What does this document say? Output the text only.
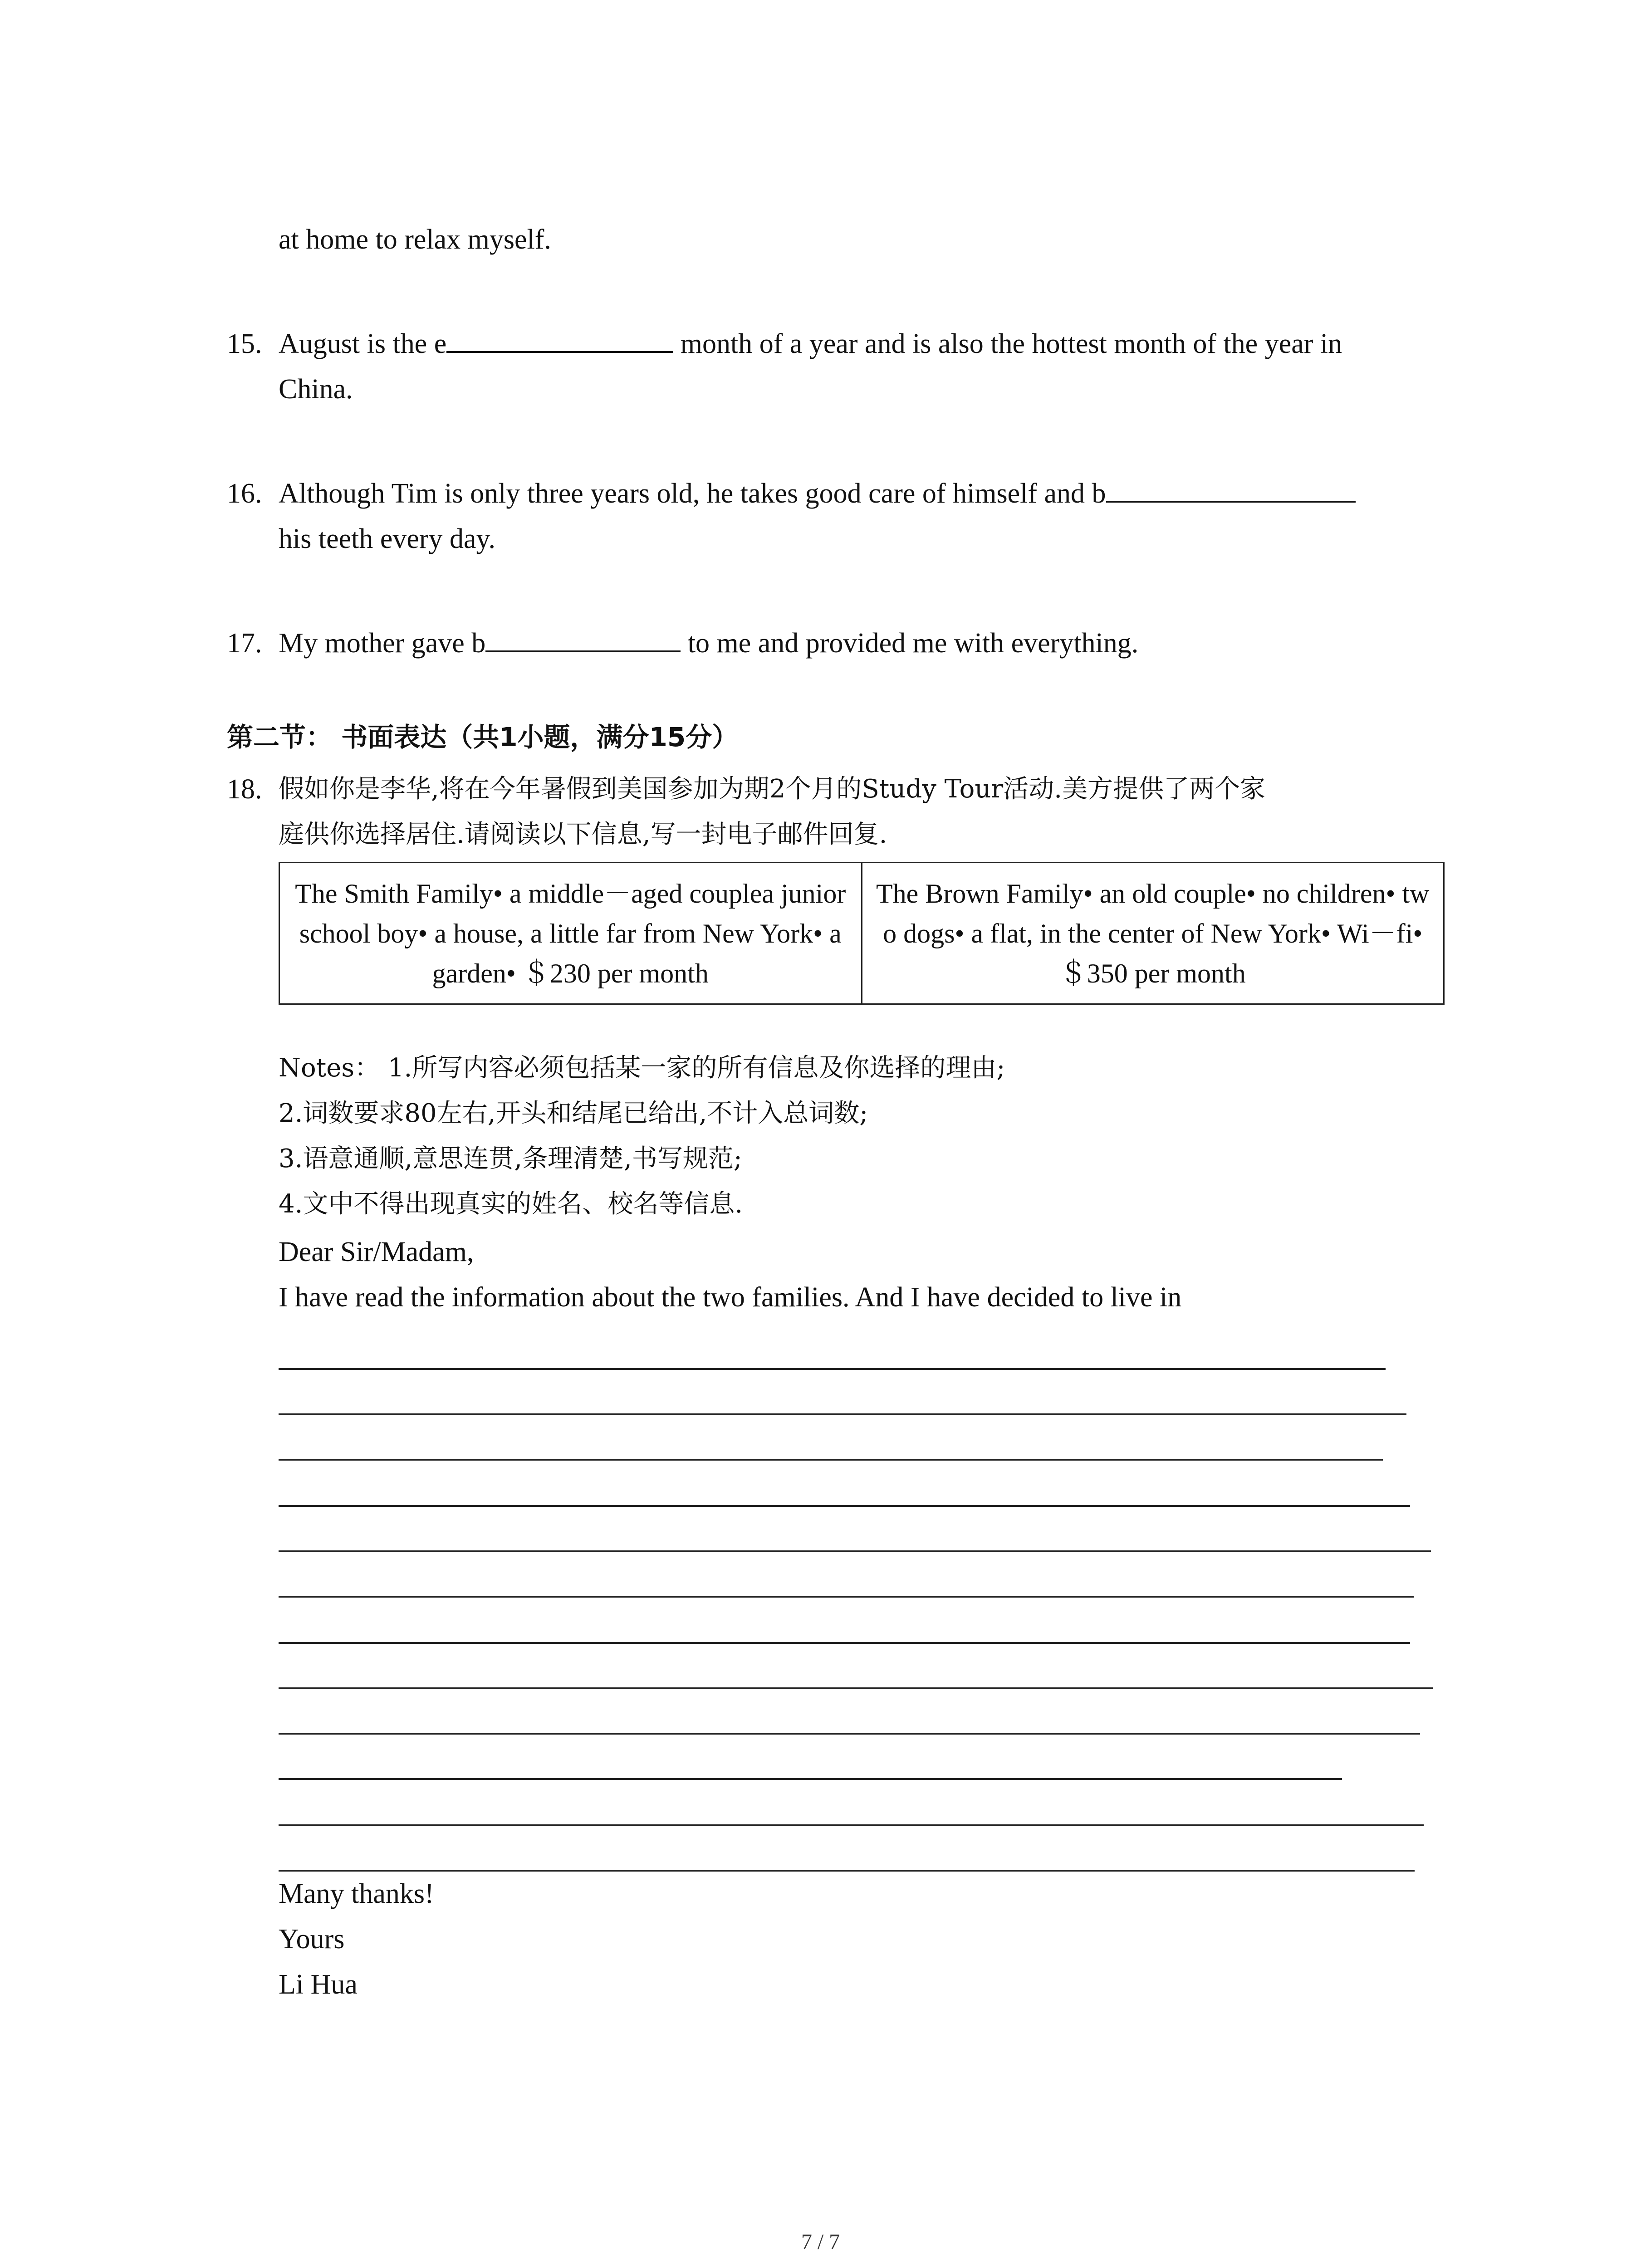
at home to relax myself.
15. August is the e	month of a year and is also the hottest month of the year in
China.
16. Although Tim is only three years old, he takes good care of himself and b
his teeth every day.
17. My mother gave b	to me and provided me with everything.
第二节： 书面表达（共1小题，满分15分）
18. 假如你是李华,将在今年暑假到美国参加为期2个月的Study Tour活动.美方提供了两个家
庭供你选择居住.请阅读以下信息,写一封电子邮件回复.
The Smith Family• a middle－aged couplea junior school boy• a house, a little far from New York• a garden• ＄230 per month	The Brown Family• an old couple• no children• two dogs• a flat, in the center of New York• Wi－fi• ＄350 per month
Notes： 1.所写内容必须包括某一家的所有信息及你选择的理由;
2.词数要求80左右,开头和结尾已给出,不计入总词数;
3.语意通顺,意思连贯,条理清楚,书写规范;
4.文中不得出现真实的姓名、校名等信息.
Dear Sir/Madam,
I have read the information about the two families. And I have decided to live in
Many thanks!
Yours
Li Hua
7 / 7
